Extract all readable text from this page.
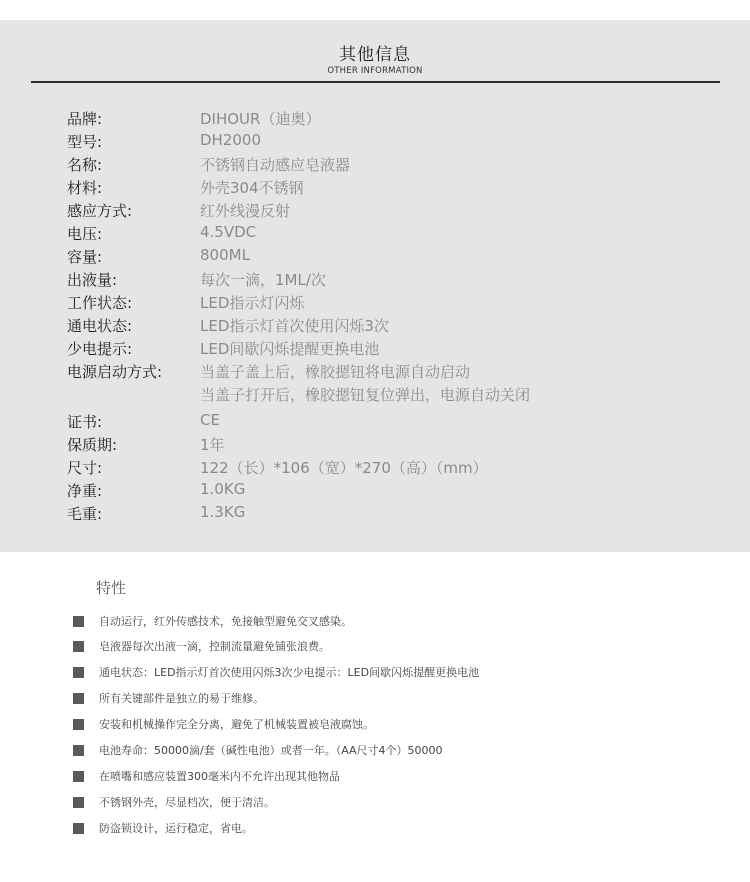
其他信息
OTHER INFORMATION
品牌:	DIHOUR（迪奥）
型号:	DH2000
名称:	不锈钢自动感应皂液器
材料:	外壳304不锈钢
感应方式:	红外线漫反射
电压:	4.5VDC
容量:	800ML
出液量:	每次一滴，1ML/次
工作状态:	LED指示灯闪烁
通电状态:	LED指示灯首次使用闪烁3次
少电提示:	LED间歇闪烁提醒更换电池
电源启动方式:	当盖子盖上后，橡胶摁钮将电源自动启动
当盖子打开后，橡胶摁钮复位弹出，电源自动关闭
证书:	CE
保质期:	1年
尺寸:	122（长）*106（宽）*270（高）（mm）
净重:	1.0KG
毛重:	1.3KG
特性
自动运行，红外传感技术，免接触型避免交叉感染。
皂液器每次出液一滴，控制流量避免铺张浪费。
通电状态：LED指示灯首次使用闪烁3次少电提示：LED间歇闪烁提醒更换电池
所有关键部件是独立的易于维修。
安装和机械操作完全分离，避免了机械装置被皂液腐蚀。
电池寿命：50000滴/套（碱性电池）或者一年。（AA尺寸4个）50000
在喷嘴和感应装置300毫米内不允许出现其他物品
不锈钢外壳，尽显档次，便于清洁。
防盗锁设计，运行稳定，省电。
